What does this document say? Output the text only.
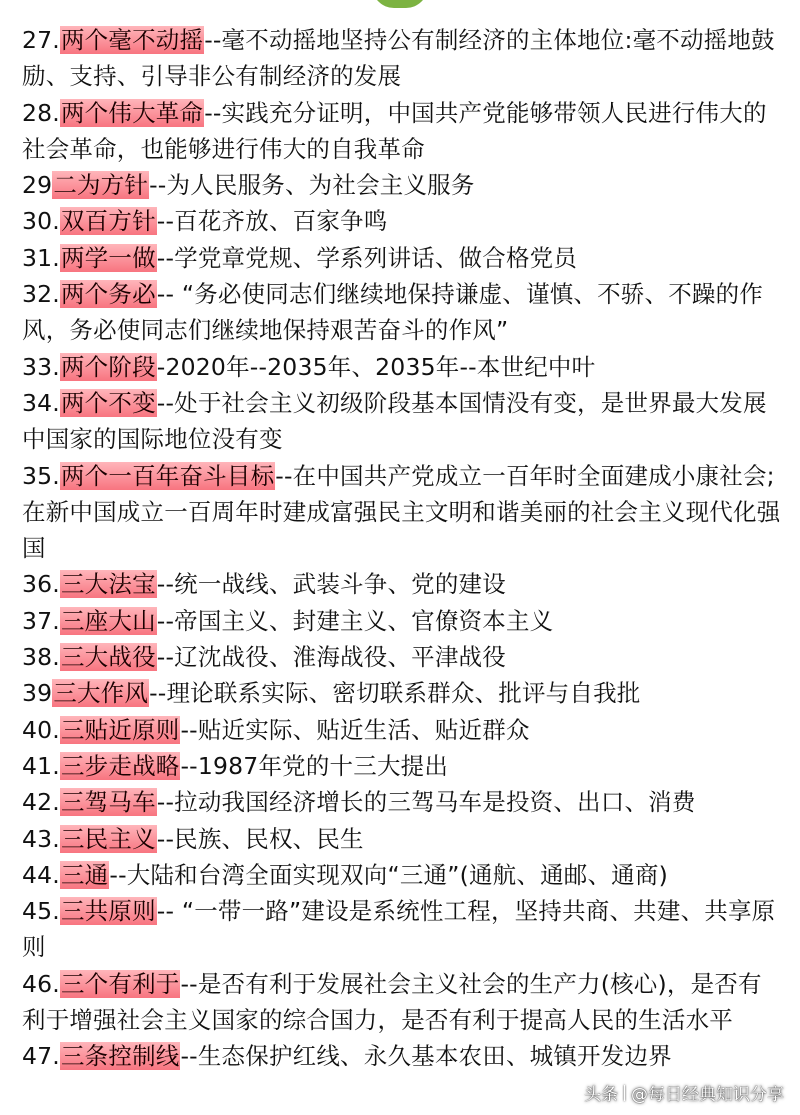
27.两个毫不动摇--毫不动摇地坚持公有制经济的主体地位:毫不动摇地鼓励、支持、引导非公有制经济的发展
28.两个伟大革命--实践充分证明，中国共产党能够带领人民进行伟大的社会革命，也能够进行伟大的自我革命
29二为方针--为人民服务、为社会主义服务
30.双百方针--百花齐放、百家争鸣
31.两学一做--学党章党规、学系列讲话、做合格党员
32.两个务必-- “务必使同志们继续地保持谦虚、谨慎、不骄、不躁的作风，务必使同志们继续地保持艰苦奋斗的作风”
33.两个阶段-2020年--2035年、2035年--本世纪中叶
34.两个不变--处于社会主义初级阶段基本国情没有变，是世界最大发展中国家的国际地位没有变
35.两个一百年奋斗目标--在中国共产党成立一百年时全面建成小康社会;在新中国成立一百周年时建成富强民主文明和谐美丽的社会主义现代化强国
36.三大法宝--统一战线、武装斗争、党的建设
37.三座大山--帝国主义、封建主义、官僚资本主义
38.三大战役--辽沈战役、淮海战役、平津战役
39三大作风--理论联系实际、密切联系群众、批评与自我批
40.三贴近原则--贴近实际、贴近生活、贴近群众
41.三步走战略--1987年党的十三大提出
42.三驾马车--拉动我国经济增长的三驾马车是投资、出口、消费
43.三民主义--民族、民权、民生
44.三通--大陆和台湾全面实现双向“三通”(通航、通邮、通商)
45.三共原则-- “一带一路”建设是系统性工程，坚持共商、共建、共享原则
46.三个有利于--是否有利于发展社会主义社会的生产力(核心)，是否有利于增强社会主义国家的综合国力，是否有利于提高人民的生活水平
47.三条控制线--生态保护红线、永久基本农田、城镇开发边界
头条 @每日经典知识分享
